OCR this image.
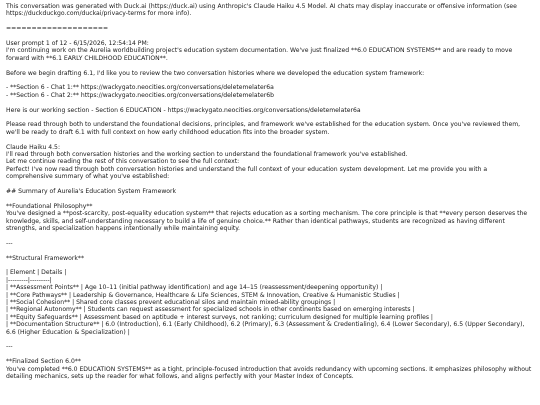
This conversation was generated with Duck.ai (https://duck.ai) using Anthropic's Claude Haiku 4.5 Model. AI chats may display inaccurate or offensive information (see https://duckduckgo.com/duckai/privacy-terms for more info).

====================

User prompt 1 of 12 - 6/15/2026, 12:54:14 PM:

I'm continuing work on the Aurelia worldbuilding project's education system documentation. We've just finalized **6.0 EDUCATION SYSTEMS** and are ready to move forward with **6.1 EARLY CHILDHOOD EDUCATION**.

Before we begin drafting 6.1, I'd like you to review the two conversation histories where we developed the education system framework:

- **Section 6 - Chat 1:** https://wackygato.neocities.org/conversations/deletemelater6a

- **Section 6 - Chat 2:** https://wackygato.neocities.org/conversations/deletemelater6b

Here is our working section - Section 6 EDUCATION - https://wackygato.neocities.org/conversations/deletemelater6a

Please read through both to understand the foundational decisions, principles, and framework we've established for the education system. Once you've reviewed them, we'll be ready to draft 6.1 with full context on how early childhood education fits into the broader system.

Claude Haiku 4.5:

I'll read through both conversation histories and the working section to understand the foundational framework you've established.

Let me continue reading the rest of this conversation to see the full context:

Perfect! I've now read through both conversation histories and understand the full context of your education system development. Let me provide you with a comprehensive summary of what you've established:

## Summary of Aurelia's Education System Framework

**Foundational Philosophy**

You've designed a **post-scarcity, post-equality education system** that rejects education as a sorting mechanism. The core principle is that **every person deserves the knowledge, skills, and self-understanding necessary to build a life of genuine choice.** Rather than identical pathways, students are recognized as having different strengths, and specialization happens intentionally while maintaining equity.

---

**Structural Framework**

| Element | Details |

|---------|---------|

| **Assessment Points** | Age 10–11 (initial pathway identification) and age 14–15 (reassessment/deepening opportunity) |

| **Core Pathways** | Leadership & Governance, Healthcare & Life Sciences, STEM & Innovation, Creative & Humanistic Studies |

| **Social Cohesion** | Shared core classes prevent educational silos and maintain mixed-ability groupings |

| **Regional Autonomy** | Students can request assessment for specialized schools in other continents based on emerging interests |

| **Equity Safeguards** | Assessment based on aptitude + interest surveys, not ranking; curriculum designed for multiple learning profiles |

| **Documentation Structure** | 6.0 (Introduction), 6.1 (Early Childhood), 6.2 (Primary), 6.3 (Assessment & Credentialing), 6.4 (Lower Secondary), 6.5 (Upper Secondary), 6.6 (Higher Education & Specialization) |

---

**Finalized Section 6.0**

You've completed **6.0 EDUCATION SYSTEMS** as a tight, principle-focused introduction that avoids redundancy with upcoming sections. It emphasizes philosophy without detailing mechanics, sets up the reader for what follows, and aligns perfectly with your Master Index of Concepts.
